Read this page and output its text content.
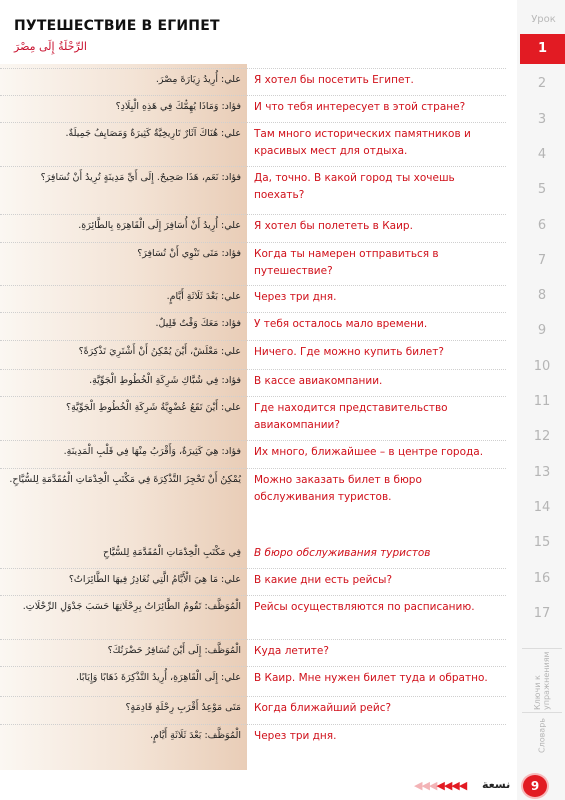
ПУТЕШЕСТВИЕ В ЕГИПЕТ
الرِّحْلَةُ إِلَى مِصْرَ
علي: أُرِيدُ زِيَارَةَ مِصْرَ. Я хотел бы посетить Египет.
فؤاد: وَمَاذَا يُهِمُّكَ فِي هَذِهِ الْبِلَادِ؟ И что тебя интересует в этой стране?
علي: هُنَاكَ آثَارٌ تَارِيخِيَّةٌ كَثِيرَةٌ وَمَصَايِفُ جَمِيلَةٌ. Там много исторических памятников и красивых мест для отдыха.
فؤاد: نَعَم، هَذَا صَحِيحٌ. إِلَى أَيِّ مَدِينَةٍ تُرِيدُ أَنْ تُسَافِرَ؟ Да, точно. В какой город ты хочешь поехать?
علي: أُرِيدُ أَنْ أُسَافِرَ إِلَى الْقَاهِرَةِ بِالطَّائِرَةِ. Я хотел бы полететь в Каир.
فؤاد: مَتَى تَنْوِي أَنْ تُسَافِرَ؟ Когда ты намерен отправиться в путешествие?
علي: بَعْدَ ثَلَاثَةِ أَيَّامٍ. Через три дня.
فؤاد: مَعَكَ وَقْتٌ قَلِيلٌ. У тебя осталось мало времени.
علي: مَعْلَشْ، أَيْنَ يُمْكِنُ أَنْ أَشْتَرِيَ تَذْكِرَةً؟ Ничего. Где можно купить билет?
فؤاد: فِي شُبَّاكِ شَرِكَةِ الْخُطُوطِ الْجَوِّيَّةِ. В кассе авиакомпании.
علي: أَيْنَ تَقَعُ عُضْوِيَّةُ شَرِكَةِ الْخُطُوطِ الْجَوِّيَّةِ؟ Где находится представительство авиакомпании?
فؤاد: هِيَ كَثِيرَةٌ، وَأَقْرَبُ مِنْهَا فِي قَلْبِ الْمَدِينَةِ. Их много, ближайшее – в центре города.
يُمْكِنُ أَنْ تَحْجِزَ التَّذْكِرَةَ فِي مَكْتَبِ الْخِدْمَاتِ الْمُقَدَّمَةِ لِلسُّيَّاحِ. Можно заказать билет в бюро обслуживания туристов.
فِي مَكْتَبِ الْخِدْمَاتِ الْمُقَدَّمَةِ لِلسُّيَّاحِ В бюро обслуживания туристов
علي: مَا هِيَ الْأَيَّامُ الَّتِي تُغَادِرُ فِيهَا الطَّائِرَاتُ؟ В какие дни есть рейсы?
الْمُوَظَّف: تَقُومُ الطَّائِرَاتُ بِرِحْلَاتِهَا حَسَبَ جَدْوَلِ الرِّحْلَاتِ. Рейсы осуществляются по расписанию.
الْمُوَظَّف: إِلَى أَيْنَ تُسَافِرُ حَضْرَتُكَ؟ Куда летите?
علي: إِلَى الْقَاهِرَةِ، أُرِيدُ التَّذْكِرَةَ ذَهَابًا وَإِيَابًا. В Каир. Мне нужен билет туда и обратно.
مَتَى مَوْعِدُ أَقْرَبِ رِحْلَةٍ قَادِمَةٍ؟ Когда ближайший рейс?
الْمُوَظَّف: بَعْدَ ثَلَاثَةِ أَيَّامٍ. Через три дня.
Урок
1
2
3
4
5
6
7
8
9
10
11
12
13
14
15
16
17
Ключи к упражнениям
Словарь
◀◀◀◀◀◀◀ نسعة	9
